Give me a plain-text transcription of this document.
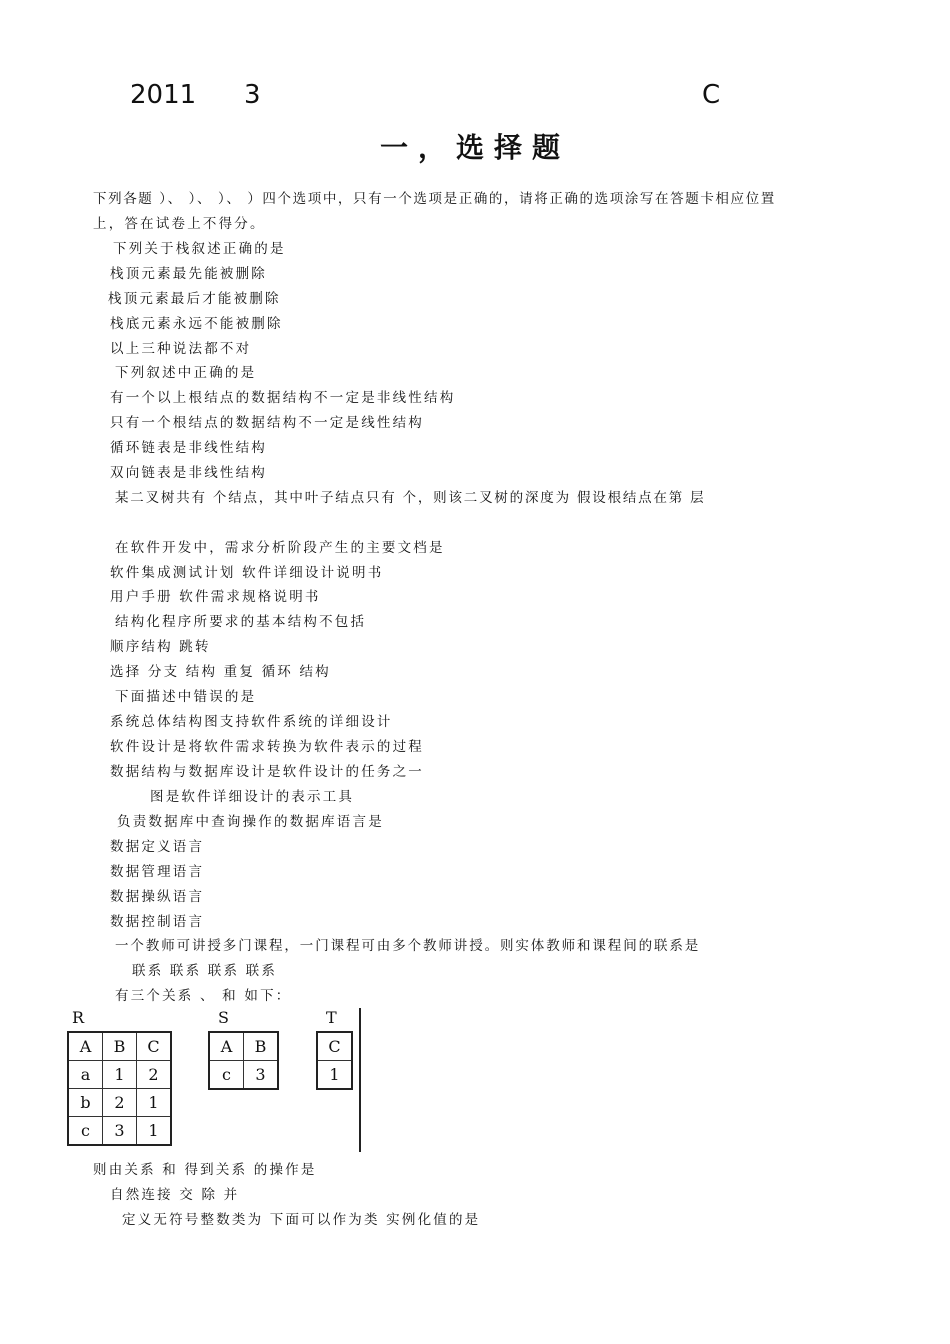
2011 3	C
一，选择题
下列各题 ）、 ）、 ）、 ）四个选项中，只有一个选项是正确的，请将正确的选项涂写在答题卡相应位置
上，答在试卷上不得分。
下列关于栈叙述正确的是
栈顶元素最先能被删除
栈顶元素最后才能被删除
栈底元素永远不能被删除
以上三种说法都不对
下列叙述中正确的是
有一个以上根结点的数据结构不一定是非线性结构
只有一个根结点的数据结构不一定是线性结构
循环链表是非线性结构
双向链表是非线性结构
某二叉树共有 个结点，其中叶子结点只有 个，则该二叉树的深度为 假设根结点在第 层
在软件开发中，需求分析阶段产生的主要文档是
软件集成测试计划 软件详细设计说明书
用户手册 软件需求规格说明书
结构化程序所要求的基本结构不包括
顺序结构 跳转
选择 分支 结构 重复 循环 结构
下面描述中错误的是
系统总体结构图支持软件系统的详细设计
软件设计是将软件需求转换为软件表示的过程
数据结构与数据库设计是软件设计的任务之一
图是软件详细设计的表示工具
负责数据库中查询操作的数据库语言是
数据定义语言
数据管理语言
数据操纵语言
数据控制语言
一个教师可讲授多门课程，一门课程可由多个教师讲授。则实体教师和课程间的联系是
联系 联系 联系 联系
有三个关系 、 和 如下：
R
A	B	C
a	1	2
b	2	1
c	3	1
S
A	B
c	3
T
C
1
则由关系 和 得到关系 的操作是
自然连接 交 除 并
定义无符号整数类为 下面可以作为类 实例化值的是
